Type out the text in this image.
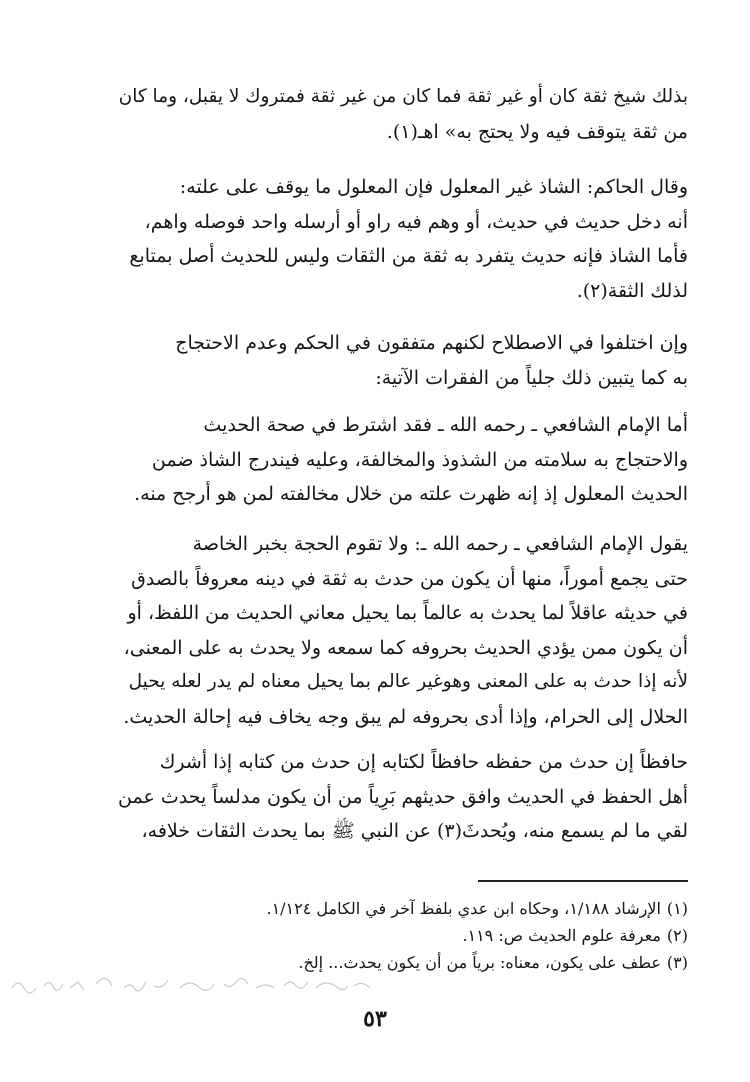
بذلك شيخ ثقة كان أو غير ثقة فما كان من غير ثقة فمتروك لا يقبل، وما كان

من ثقة يتوقف فيه ولا يحتج به» اهـ(١).

وقال الحاكم: الشاذ غير المعلول فإن المعلول ما يوقف على علته:

أنه دخل حديث في حديث، أو وهم فيه راو أو أرسله واحد فوصله واهم،

فأما الشاذ فإنه حديث يتفرد به ثقة من الثقات وليس للحديث أصل بمتابع

لذلك الثقة(٢).

وإن اختلفوا في الاصطلاح لكنهم متفقون في الحكم وعدم الاحتجاج

به كما يتبين ذلك جلياً من الفقرات الآتية:

أما الإمام الشافعي ـ رحمه الله ـ فقد اشترط في صحة الحديث

والاحتجاج به سلامته من الشذوذ والمخالفة، وعليه فيندرج الشاذ ضمن

الحديث المعلول إذ إنه ظهرت علته من خلال مخالفته لمن هو أرجح منه.

يقول الإمام الشافعي ـ رحمه الله ـ: ولا تقوم الحجة بخبر الخاصة

حتى يجمع أموراً، منها أن يكون من حدث به ثقة في دينه معروفاً بالصدق

في حديثه عاقلاً لما يحدث به عالماً بما يحيل معاني الحديث من اللفظ، أو

أن يكون ممن يؤدي الحديث بحروفه كما سمعه ولا يحدث به على المعنى،

لأنه إذا حدث به على المعنى وهوغير عالم بما يحيل معناه لم يدر لعله يحيل

الحلال إلى الحرام، وإذا أدى بحروفه لم يبق وجه يخاف فيه إحالة الحديث.

حافظاً إن حدث من حفظه حافظاً لكتابه إن حدث من كتابه إذا أشرك

أهل الحفظ في الحديث وافق حديثهم بَرِياً من أن يكون مدلساً يحدث عمن

لقي ما لم يسمع منه، ويُحدثَ(٣) عن النبي ﷺ بما يحدث الثقات خلافه،

(١)الإرشاد ١/١٨٨، وحكاه ابن عدي بلفظ آخر في الكامل ١/١٢٤.

(٢)معرفة علوم الحديث ص: ١١٩.

(٣)عطف على يكون، معناه: برياً من أن يكون يحدث... إلخ.

٥٣
